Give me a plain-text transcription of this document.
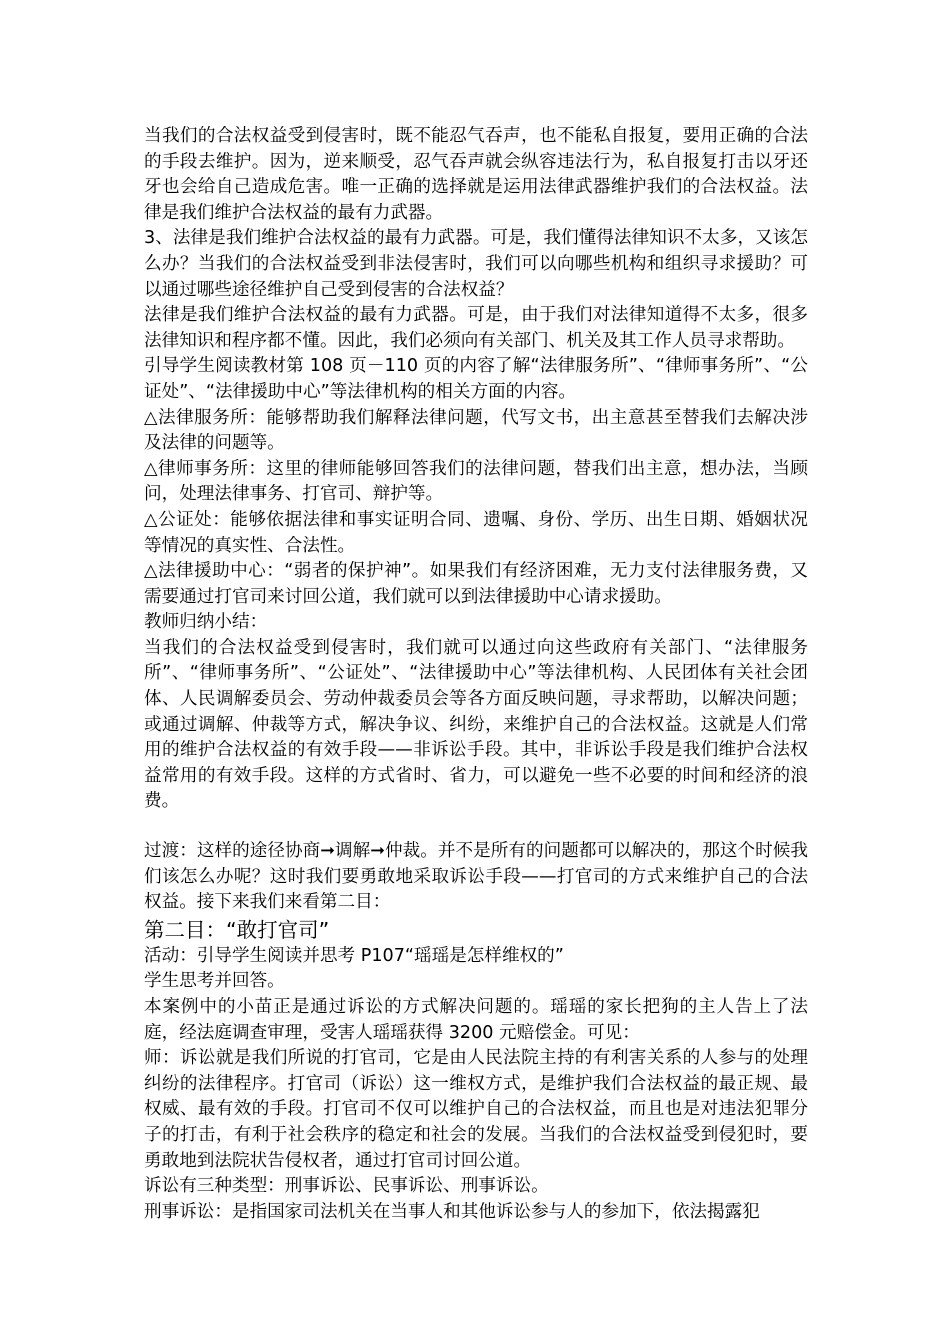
当我们的合法权益受到侵害时，既不能忍气吞声，也不能私自报复，要用正确的合法的手段去维护。因为，逆来顺受，忍气吞声就会纵容违法行为，私自报复打击以牙还牙也会给自己造成危害。唯一正确的选择就是运用法律武器维护我们的合法权益。法律是我们维护合法权益的最有力武器。

3、法律是我们维护合法权益的最有力武器。可是，我们懂得法律知识不太多，又该怎么办？当我们的合法权益受到非法侵害时，我们可以向哪些机构和组织寻求援助？可以通过哪些途径维护自己受到侵害的合法权益？

法律是我们维护合法权益的最有力武器。可是，由于我们对法律知道得不太多，很多法律知识和程序都不懂。因此，我们必须向有关部门、机关及其工作人员寻求帮助。

引导学生阅读教材第 108 页－110 页的内容了解“法律服务所”、“律师事务所”、“公证处”、“法律援助中心”等法律机构的相关方面的内容。

△法律服务所：能够帮助我们解释法律问题，代写文书，出主意甚至替我们去解决涉及法律的问题等。

△律师事务所：这里的律师能够回答我们的法律问题，替我们出主意，想办法，当顾问，处理法律事务、打官司、辩护等。

△公证处：能够依据法律和事实证明合同、遗嘱、身份、学历、出生日期、婚姻状况等情况的真实性、合法性。

△法律援助中心：“弱者的保护神”。如果我们有经济困难，无力支付法律服务费，又需要通过打官司来讨回公道，我们就可以到法律援助中心请求援助。

教师归纳小结：

当我们的合法权益受到侵害时，我们就可以通过向这些政府有关部门、“法律服务所”、“律师事务所”、“公证处”、“法律援助中心”等法律机构、人民团体有关社会团体、人民调解委员会、劳动仲裁委员会等各方面反映问题，寻求帮助，以解决问题；或通过调解、仲裁等方式，解决争议、纠纷，来维护自己的合法权益。这就是人们常用的维护合法权益的有效手段——非诉讼手段。其中，非诉讼手段是我们维护合法权益常用的有效手段。这样的方式省时、省力，可以避免一些不必要的时间和经济的浪费。

过渡：这样的途径协商➞调解➞仲裁。并不是所有的问题都可以解决的，那这个时候我们该怎么办呢？这时我们要勇敢地采取诉讼手段——打官司的方式来维护自己的合法权益。接下来我们来看第二目：

第二目：“敢打官司”

活动：引导学生阅读并思考 P107“瑶瑶是怎样维权的”

学生思考并回答。

本案例中的小苗正是通过诉讼的方式解决问题的。瑶瑶的家长把狗的主人告上了法庭，经法庭调查审理，受害人瑶瑶获得 3200 元赔偿金。可见：

师：诉讼就是我们所说的打官司，它是由人民法院主持的有利害关系的人参与的处理纠纷的法律程序。打官司（诉讼）这一维权方式，是维护我们合法权益的最正规、最权威、最有效的手段。打官司不仅可以维护自己的合法权益，而且也是对违法犯罪分子的打击，有利于社会秩序的稳定和社会的发展。当我们的合法权益受到侵犯时，要勇敢地到法院状告侵权者，通过打官司讨回公道。

诉讼有三种类型：刑事诉讼、民事诉讼、刑事诉讼。

刑事诉讼：是指国家司法机关在当事人和其他诉讼参与人的参加下，依法揭露犯
